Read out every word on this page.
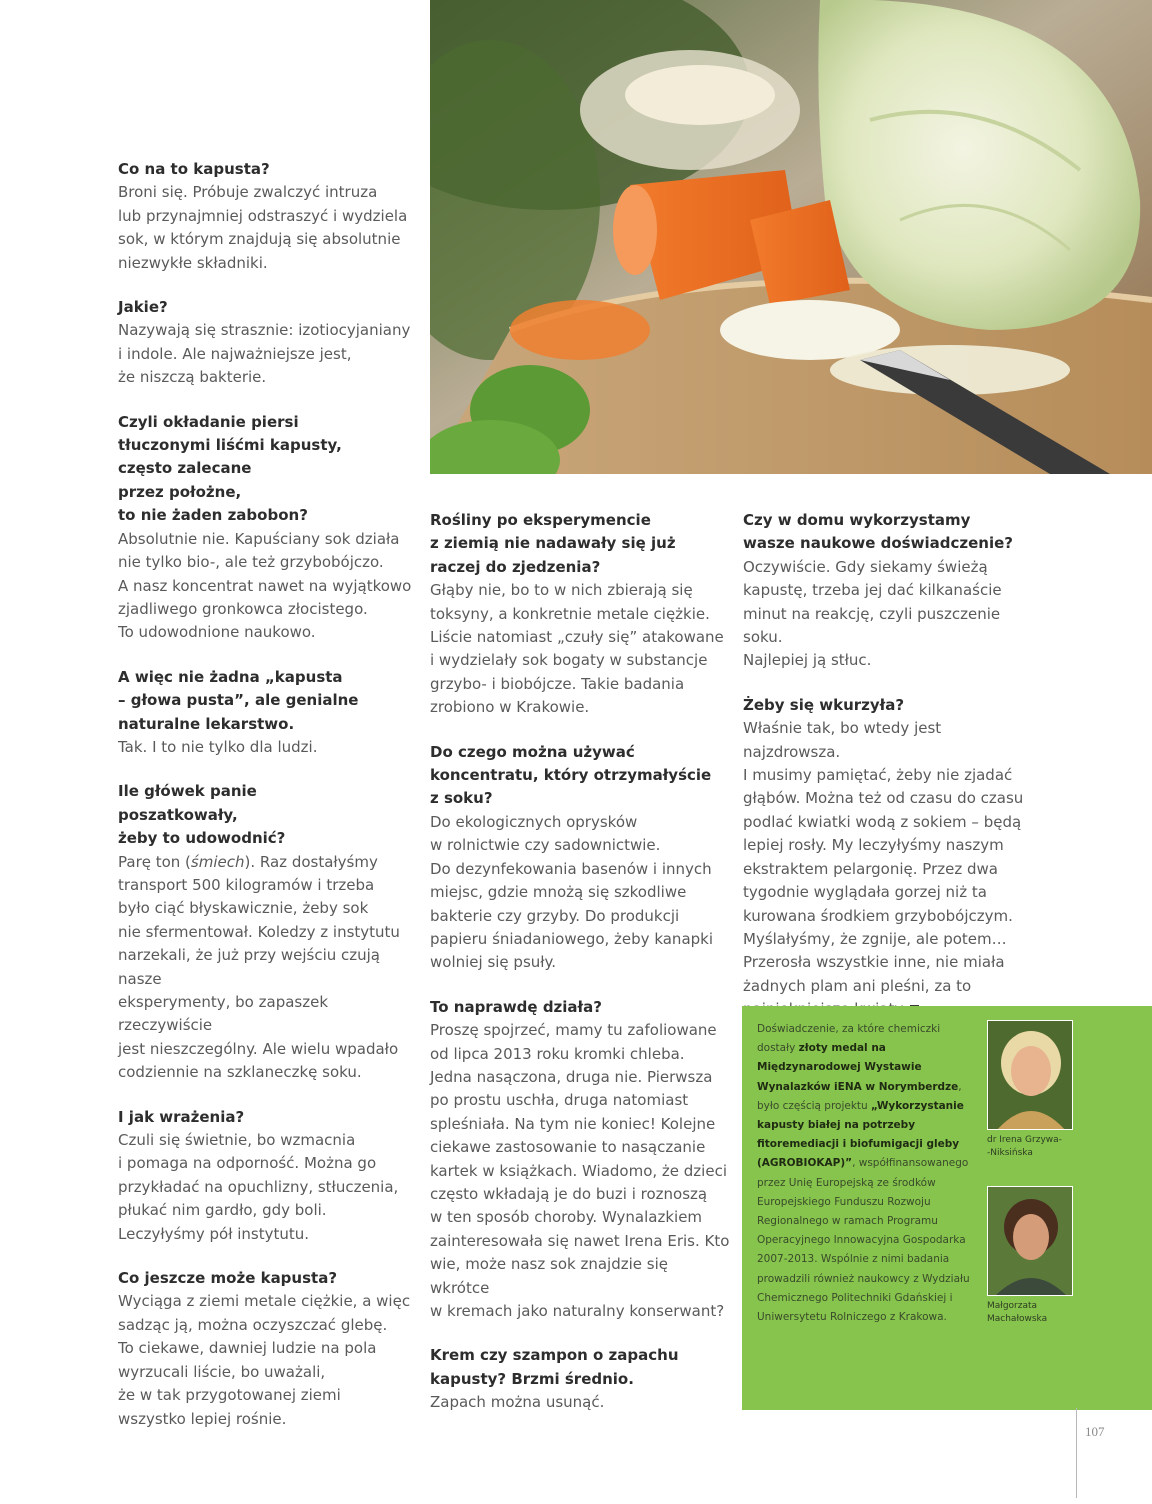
Co na to kapusta?

Broni się. Próbuje zwalczyć intruza
lub przynajmniej odstraszyć i wydziela
sok, w którym znajdują się absolutnie
niezwykłe składniki.

Jakie?

Nazywają się strasznie: izotiocyjaniany
i indole. Ale najważniejsze jest,
że niszczą bakterie.

Czyli okładanie piersi
tłuczonymi liśćmi kapusty,
często zalecane
przez położne,
to nie żaden zabobon?

Absolutnie nie. Kapuściany sok działa
nie tylko bio-, ale też grzybobójczo.
A nasz koncentrat nawet na wyjątkowo
zjadliwego gronkowca złocistego.
To udowodnione naukowo.

A więc nie żadna „kapusta
– głowa pusta”, ale genialne
naturalne lekarstwo.

Tak. I to nie tylko dla ludzi.

Ile główek panie
poszatkowały,
żeby to udowodnić?

Parę ton (śmiech). Raz dostałyśmy
transport 500 kilogramów i trzeba
było ciąć błyskawicznie, żeby sok
nie sfermentował. Koledzy z instytutu
narzekali, że już przy wejściu czują nasze
eksperymenty, bo zapaszek rzeczywiście
jest nieszczególny. Ale wielu wpadało
codziennie na szklaneczkę soku.

I jak wrażenia?

Czuli się świetnie, bo wzmacnia
i pomaga na odporność. Można go
przykładać na opuchlizny, stłuczenia,
płukać nim gardło, gdy boli.
Leczyłyśmy pół instytutu.

Co jeszcze może kapusta?

Wyciąga z ziemi metale ciężkie, a więc
sadząc ją, można oczyszczać glebę.
To ciekawe, dawniej ludzie na pola
wyrzucali liście, bo uważali,
że w tak przygotowanej ziemi
wszystko lepiej rośnie.

Rośliny po eksperymencie
z ziemią nie nadawały się już
raczej do zjedzenia?

Głąby nie, bo to w nich zbierają się
toksyny, a konkretnie metale ciężkie.
Liście natomiast „czuły się” atakowane
i wydzielały sok bogaty w substancje
grzybo- i biobójcze. Takie badania
zrobiono w Krakowie.

Do czego można używać
koncentratu, który otrzymałyście
z soku?

Do ekologicznych oprysków
w rolnictwie czy sadownictwie.
Do dezynfekowania basenów i innych
miejsc, gdzie mnożą się szkodliwe
bakterie czy grzyby. Do produkcji
papieru śniadaniowego, żeby kanapki
wolniej się psuły.

To naprawdę działa?

Proszę spojrzeć, mamy tu zafoliowane
od lipca 2013 roku kromki chleba.
Jedna nasączona, druga nie. Pierwsza
po prostu uschła, druga natomiast
spleśniała. Na tym nie koniec! Kolejne
ciekawe zastosowanie to nasączanie
kartek w książkach. Wiadomo, że dzieci
często wkładają je do buzi i roznoszą
w ten sposób choroby. Wynalazkiem
zainteresowała się nawet Irena Eris. Kto
wie, może nasz sok znajdzie się wkrótce
w kremach jako naturalny konserwant?

Krem czy szampon o zapachu
kapusty? Brzmi średnio.

Zapach można usunąć.

Czy w domu wykorzystamy
wasze naukowe doświadczenie?

Oczywiście. Gdy siekamy świeżą
kapustę, trzeba jej dać kilkanaście
minut na reakcję, czyli puszczenie soku.
Najlepiej ją stłuc.

Żeby się wkurzyła?

Właśnie tak, bo wtedy jest najzdrowsza.
I musimy pamiętać, żeby nie zjadać
głąbów. Można też od czasu do czasu
podlać kwiatki wodą z sokiem – będą
lepiej rosły. My leczyłyśmy naszym
ekstraktem pelargonię. Przez dwa
tygodnie wyglądała gorzej niż ta
kurowana środkiem grzybobójczym.
Myślałyśmy, że zgnije, ale potem…
Przerosła wszystkie inne, nie miała
żadnych plam ani pleśni, za to

Doświadczenie, za które chemiczki dostały złoty medal na Międzynarodowej Wystawie Wynalazków iENA w Norymberdze, było częścią projektu „Wykorzystanie kapusty białej na potrzeby fitoremediacji i biofumigacji gleby (AGROBIOKAP)”, współfinansowanego przez Unię Europejską ze środków Europejskiego Funduszu Rozwoju Regionalnego w ramach Programu Operacyjnego Innowacyjna Gospodarka 2007-2013. Wspólnie z nimi badania prowadzili również naukowcy z Wydziału Chemicznego Politechniki Gdańskiej i Uniwersytetu Rolniczego z Krakowa.
dr Irena Grzywa-
-Niksińska
Małgorzata
Machałowska
107
